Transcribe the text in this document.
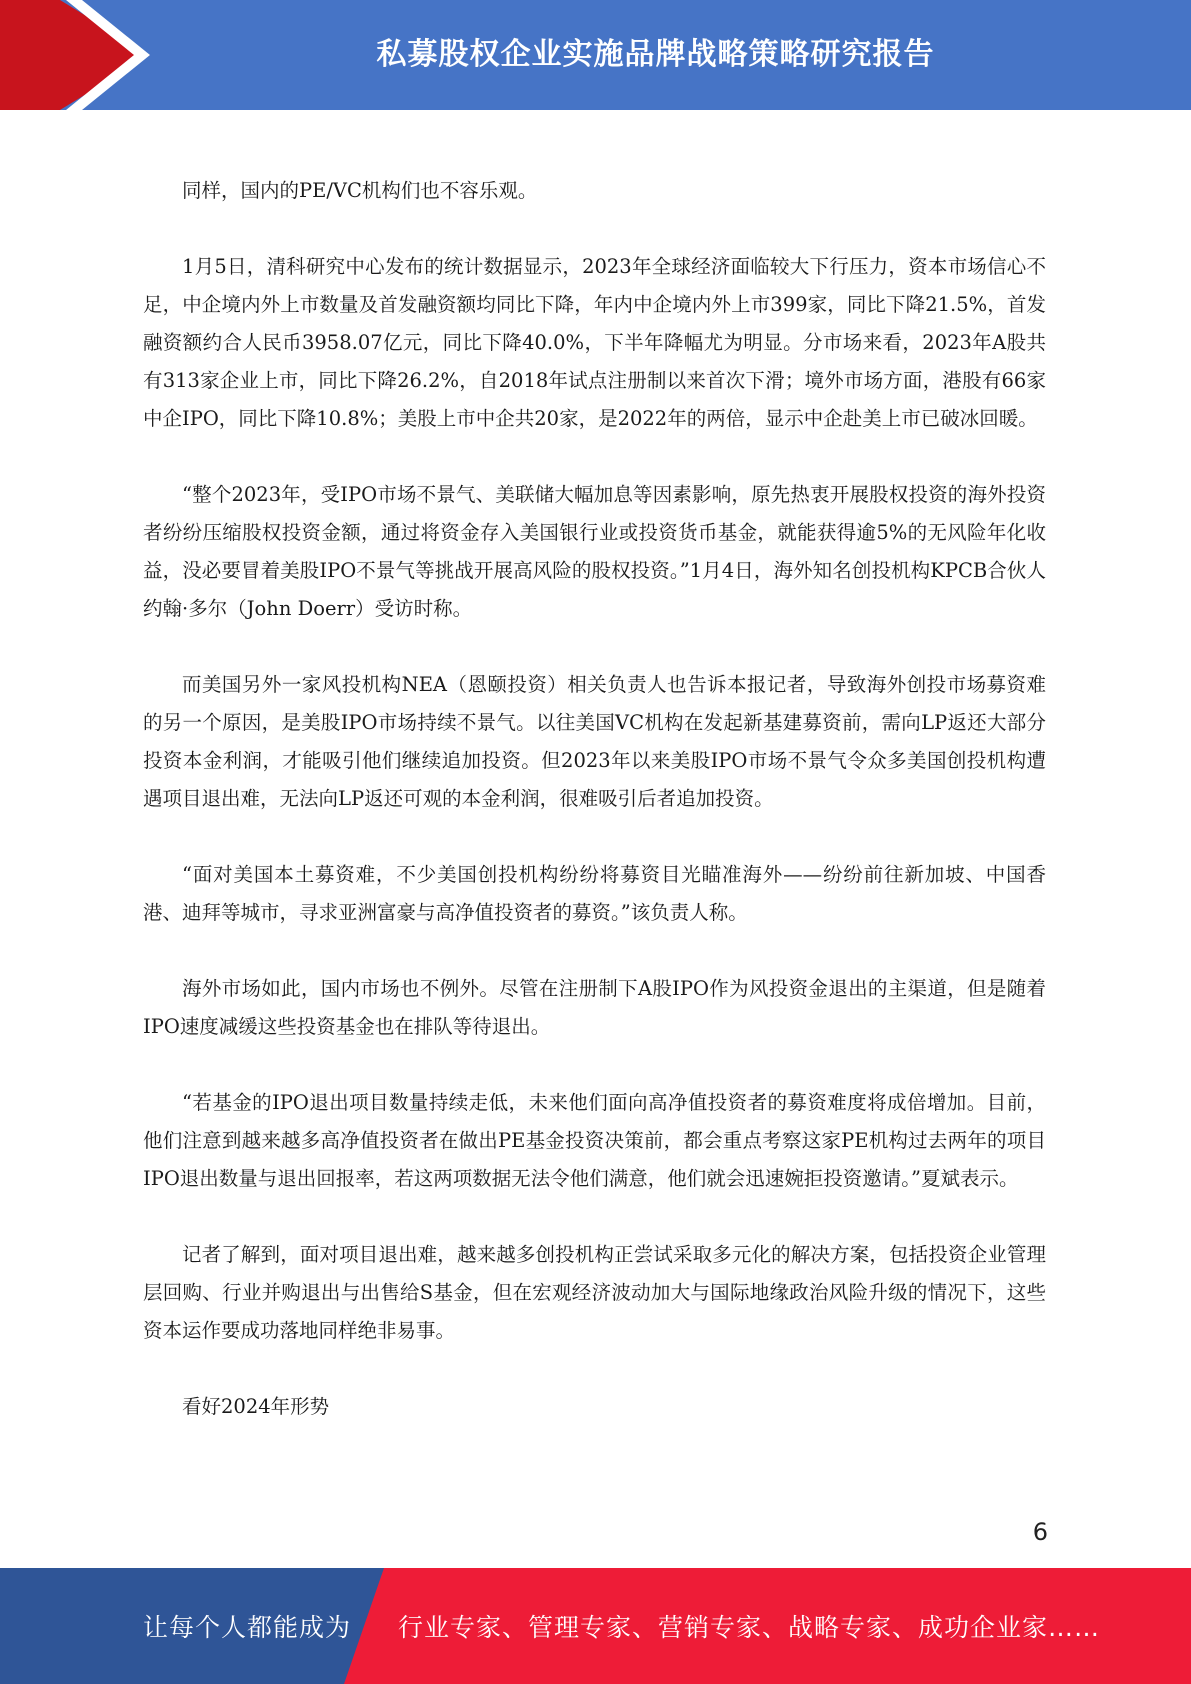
私募股权企业实施品牌战略策略研究报告

同样，国内的PE/VC机构们也不容乐观。

1月5日，清科研究中心发布的统计数据显示，2023年全球经济面临较大下行压力，资本市场信心不足，中企境内外上市数量及首发融资额均同比下降，年内中企境内外上市399家，同比下降21.5%，首发融资额约合人民币3958.07亿元，同比下降40.0%，下半年降幅尤为明显。分市场来看，2023年A股共有313家企业上市，同比下降26.2%，自2018年试点注册制以来首次下滑；境外市场方面，港股有66家中企IPO，同比下降10.8%；美股上市中企共20家，是2022年的两倍，显示中企赴美上市已破冰回暖。

“整个2023年，受IPO市场不景气、美联储大幅加息等因素影响，原先热衷开展股权投资的海外投资者纷纷压缩股权投资金额，通过将资金存入美国银行业或投资货币基金，就能获得逾5%的无风险年化收益，没必要冒着美股IPO不景气等挑战开展高风险的股权投资。”1月4日，海外知名创投机构KPCB合伙人约翰·多尔（John Doerr）受访时称。

而美国另外一家风投机构NEA（恩颐投资）相关负责人也告诉本报记者，导致海外创投市场募资难的另一个原因，是美股IPO市场持续不景气。以往美国VC机构在发起新基建募资前，需向LP返还大部分投资本金利润，才能吸引他们继续追加投资。但2023年以来美股IPO市场不景气令众多美国创投机构遭遇项目退出难，无法向LP返还可观的本金利润，很难吸引后者追加投资。

“面对美国本土募资难，不少美国创投机构纷纷将募资目光瞄准海外——纷纷前往新加坡、中国香港、迪拜等城市，寻求亚洲富豪与高净值投资者的募资。”该负责人称。

海外市场如此，国内市场也不例外。尽管在注册制下A股IPO作为风投资金退出的主渠道，但是随着IPO速度减缓这些投资基金也在排队等待退出。

“若基金的IPO退出项目数量持续走低，未来他们面向高净值投资者的募资难度将成倍增加。目前，他们注意到越来越多高净值投资者在做出PE基金投资决策前，都会重点考察这家PE机构过去两年的项目IPO退出数量与退出回报率，若这两项数据无法令他们满意，他们就会迅速婉拒投资邀请。”夏斌表示。

记者了解到，面对项目退出难，越来越多创投机构正尝试采取多元化的解决方案，包括投资企业管理层回购、行业并购退出与出售给S基金，但在宏观经济波动加大与国际地缘政治风险升级的情况下，这些资本运作要成功落地同样绝非易事。

看好2024年形势

6
让每个人都能成为 行业专家、管理专家、营销专家、战略专家、成功企业家……
